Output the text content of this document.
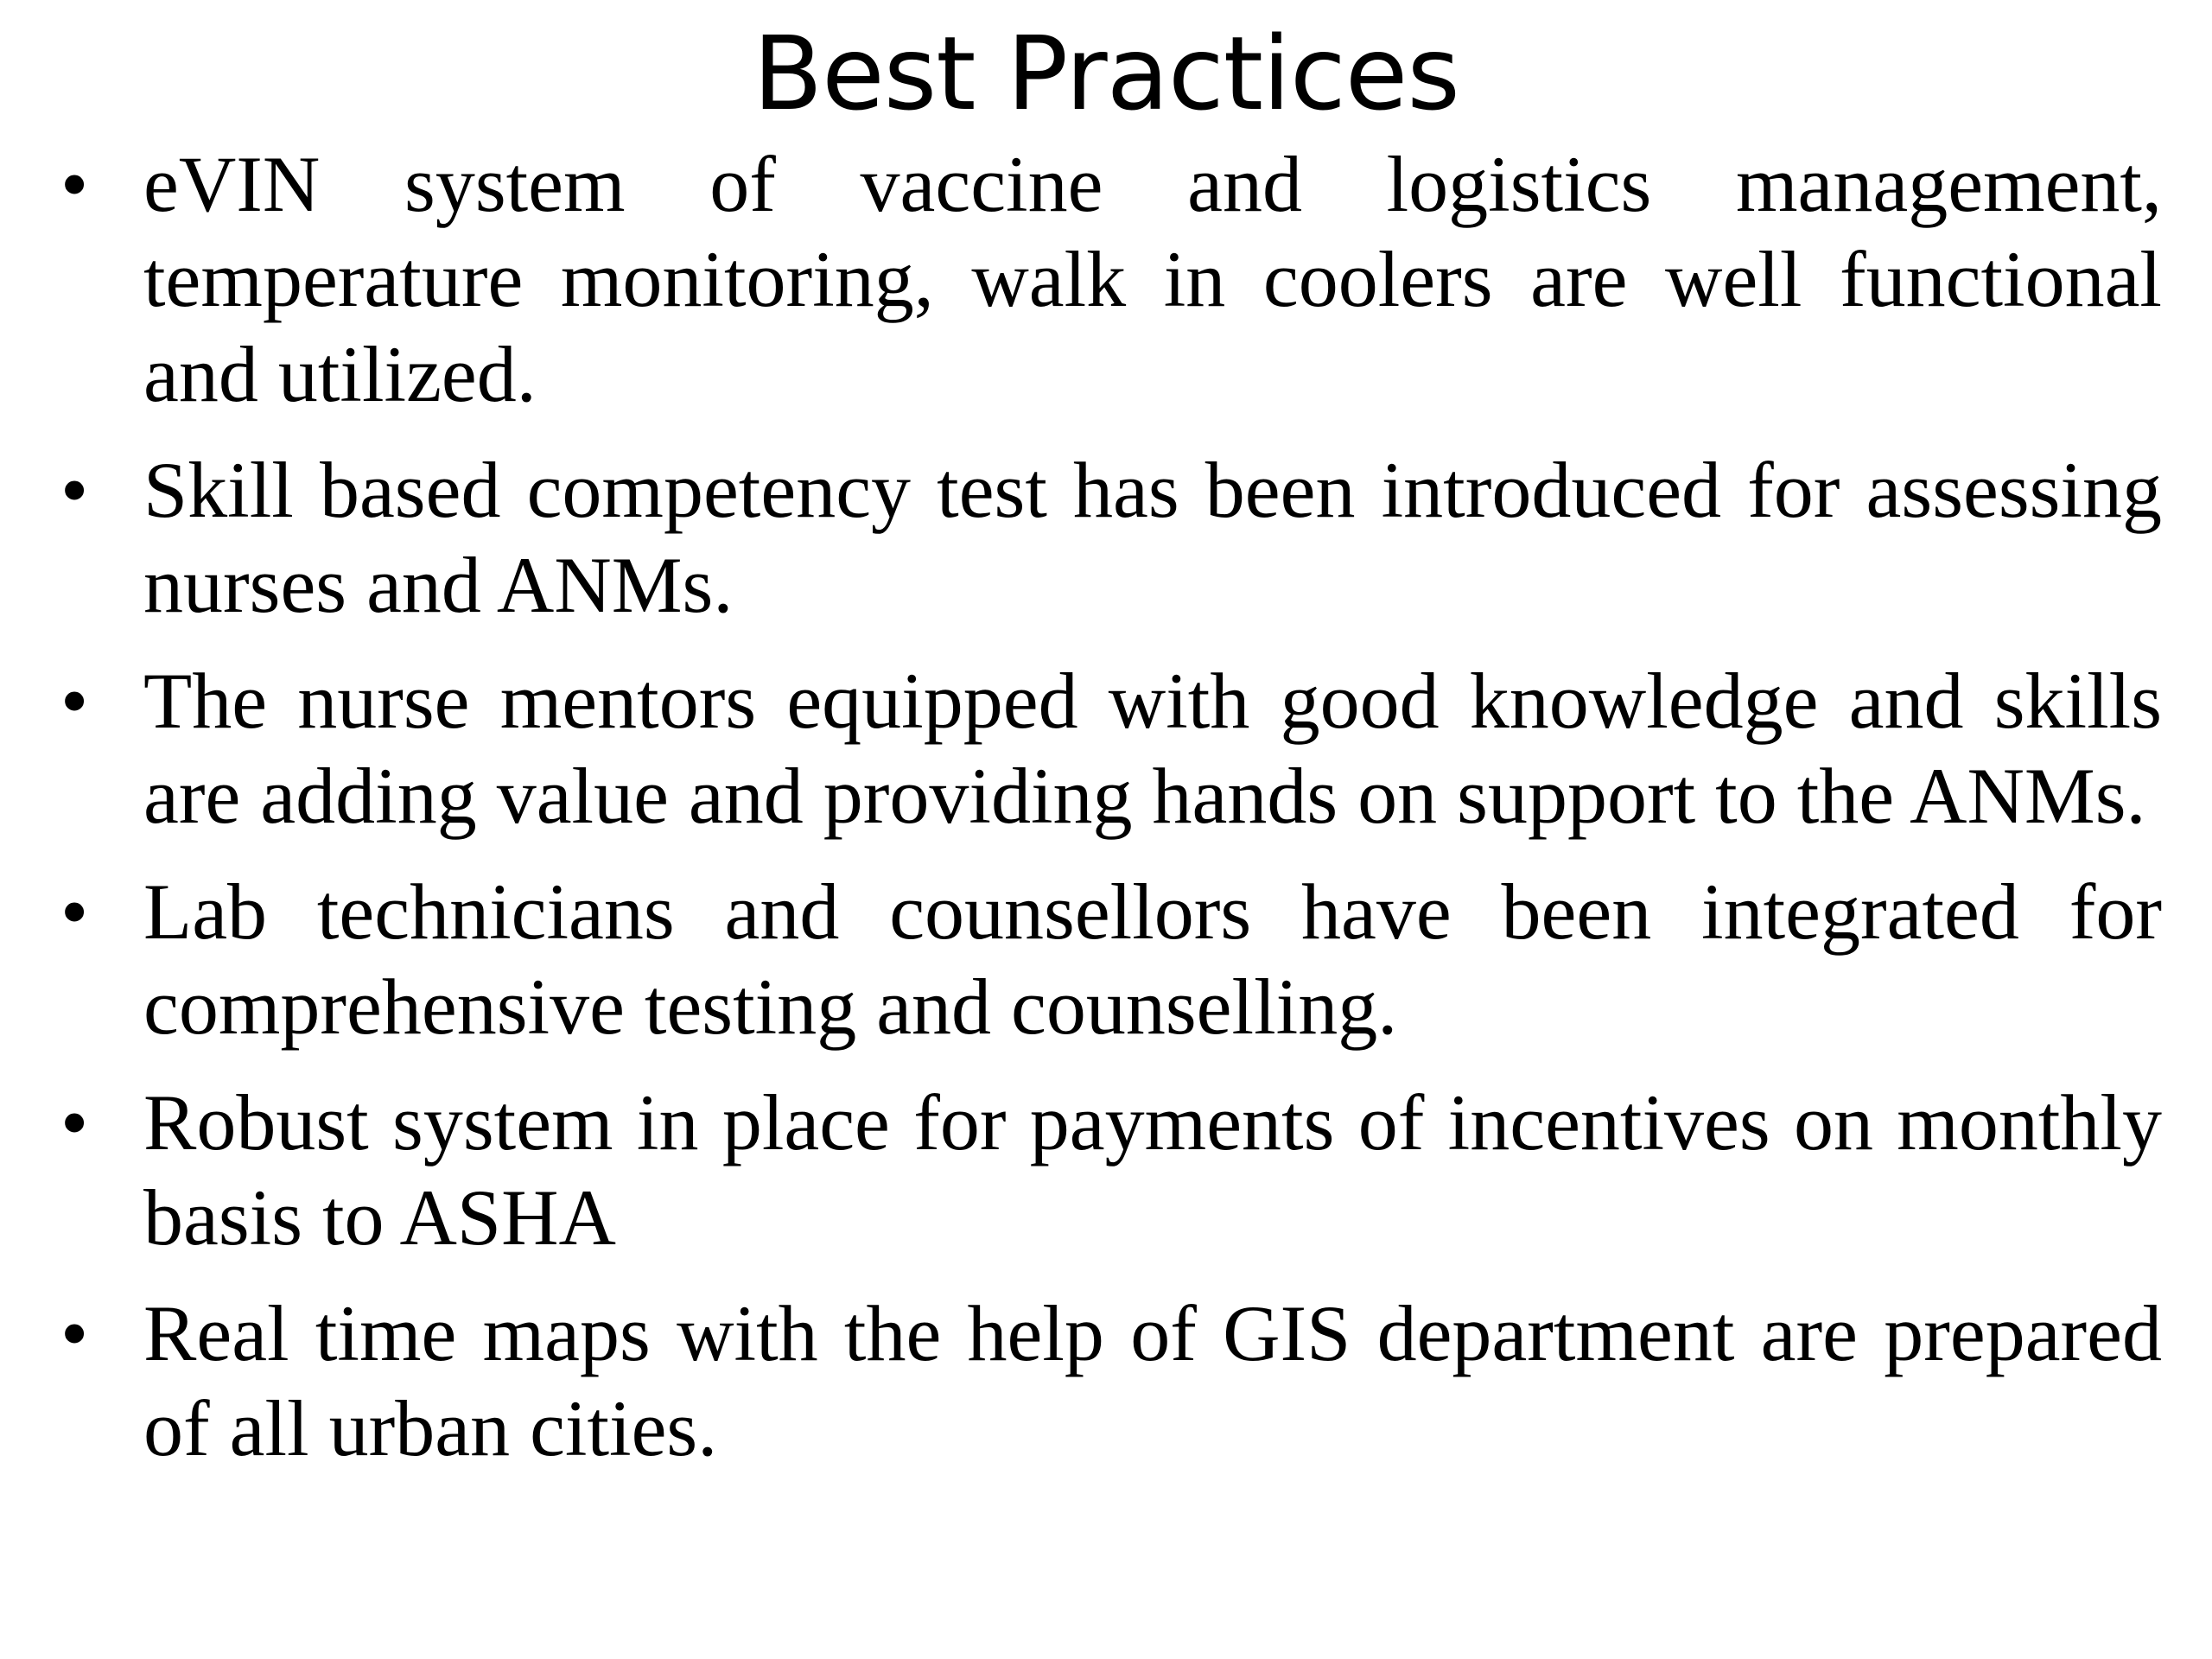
Best Practices
• eVIN system of vaccine and logistics management, temperature monitoring, walk in coolers are well functional and utilized.
• Skill based competency test has been introduced for assessing nurses and ANMs.
• The nurse mentors equipped with good knowledge and skills are adding value and providing hands on support to the ANMs.
• Lab technicians and counsellors have been integrated for comprehensive testing and counselling.
• Robust system in place for payments of incentives on monthly basis to ASHA
• Real time maps with the help of GIS department are prepared of all urban cities.
